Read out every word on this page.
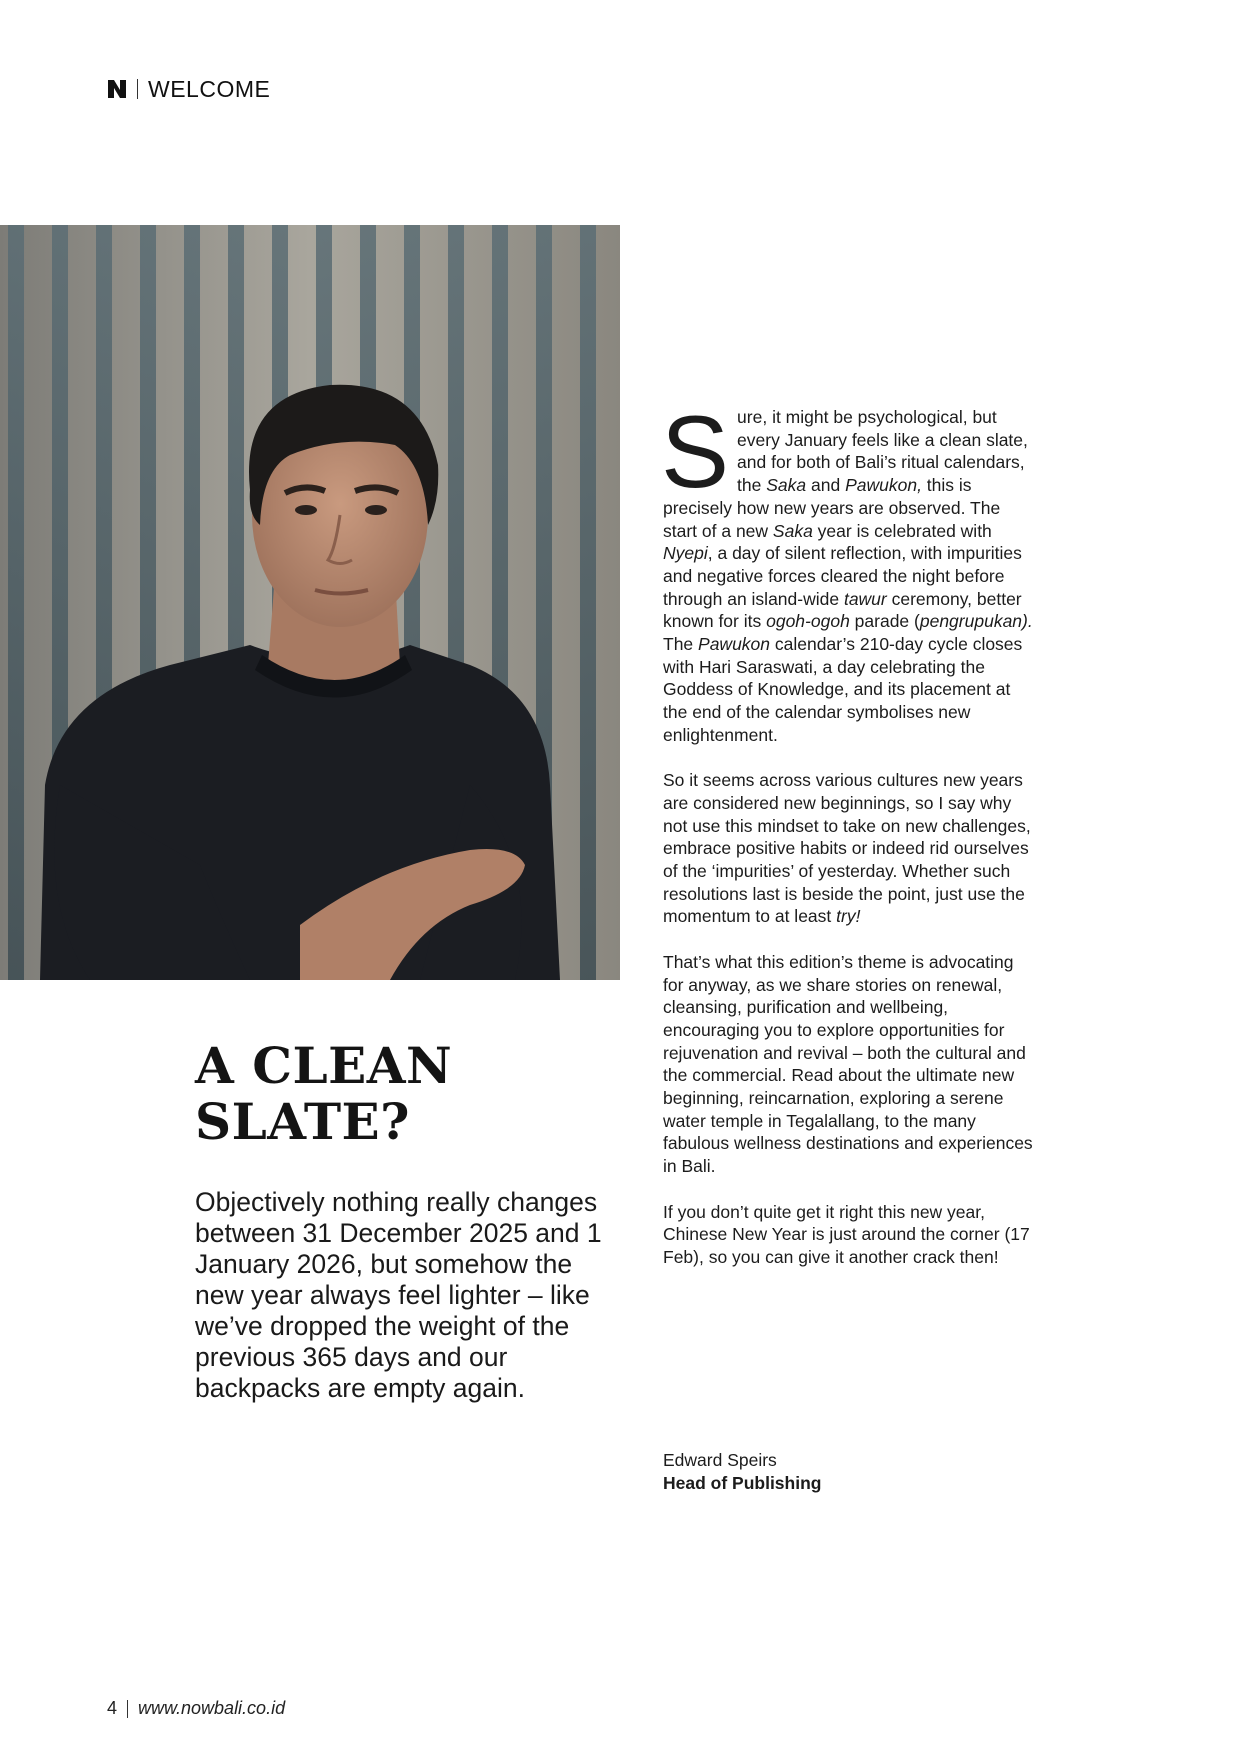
WELCOME
A CLEAN SLATE?

Objectively nothing really changes between 31 December 2025 and 1 January 2026, but somehow the new year always feel lighter – like we’ve dropped the weight of the previous 365 days and our backpacks are empty again.

Sure, it might be psychological, but every January feels like a clean slate, and for both of Bali’s ritual calendars, the Saka and Pawukon, this is precisely how new years are observed. The start of a new Saka year is celebrated with Nyepi, a day of silent reflection, with impurities and negative forces cleared the night before through an island-wide tawur ceremony, better known for its ogoh-ogoh parade (pengrupukan). The Pawukon calendar’s 210-day cycle closes with Hari Saraswati, a day celebrating the Goddess of Knowledge, and its placement at the end of the calendar symbolises new enlightenment.

So it seems across various cultures new years are considered new beginnings, so I say why not use this mindset to take on new challenges, embrace positive habits or indeed rid ourselves of the ‘impurities’ of yesterday. Whether such resolutions last is beside the point, just use the momentum to at least try!

That’s what this edition’s theme is advocating for anyway, as we share stories on renewal, cleansing, purification and wellbeing, encouraging you to explore opportunities for rejuvenation and revival – both the cultural and the commercial. Read about the ultimate new beginning, reincarnation, exploring a serene water temple in Tegalallang, to the many fabulous wellness destinations and experiences in Bali.

If you don’t quite get it right this new year, Chinese New Year is just around the corner (17 Feb), so you can give it another crack then!

Edward Speirs
Head of Publishing
4 www.nowbali.co.id
